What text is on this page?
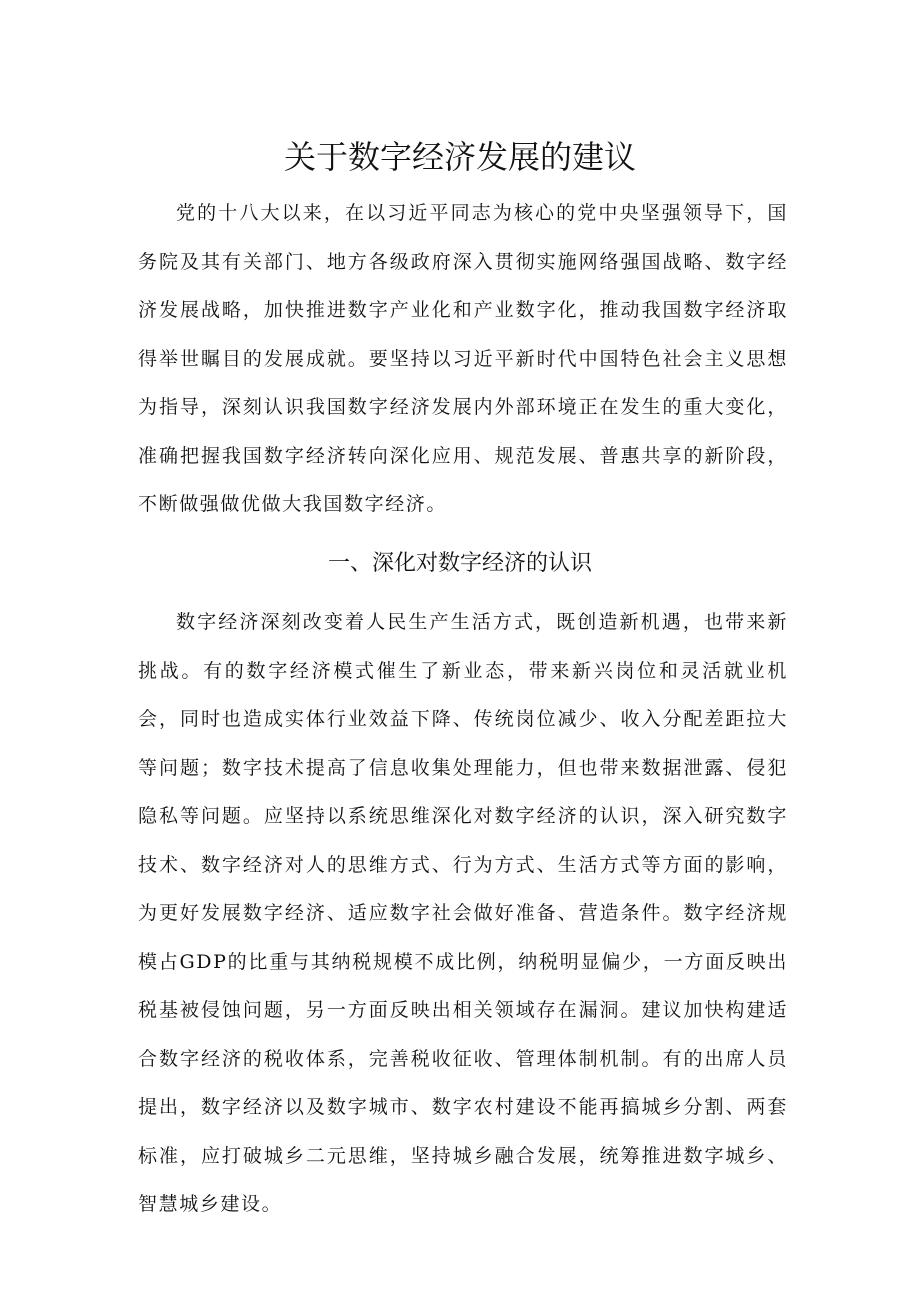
关于数字经济发展的建议

党的十八大以来，在以习近平同志为核心的党中央坚强领导下，国务院及其有关部门、地方各级政府深入贯彻实施网络强国战略、数字经济发展战略，加快推进数字产业化和产业数字化，推动我国数字经济取得举世瞩目的发展成就。要坚持以习近平新时代中国特色社会主义思想为指导，深刻认识我国数字经济发展内外部环境正在发生的重大变化，准确把握我国数字经济转向深化应用、规范发展、普惠共享的新阶段，不断做强做优做大我国数字经济。

一、深化对数字经济的认识

数字经济深刻改变着人民生产生活方式，既创造新机遇，也带来新挑战。有的数字经济模式催生了新业态，带来新兴岗位和灵活就业机会，同时也造成实体行业效益下降、传统岗位减少、收入分配差距拉大等问题；数字技术提高了信息收集处理能力，但也带来数据泄露、侵犯隐私等问题。应坚持以系统思维深化对数字经济的认识，深入研究数字技术、数字经济对人的思维方式、行为方式、生活方式等方面的影响，为更好发展数字经济、适应数字社会做好准备、营造条件。数字经济规模占GDP的比重与其纳税规模不成比例，纳税明显偏少，一方面反映出税基被侵蚀问题，另一方面反映出相关领域存在漏洞。建议加快构建适合数字经济的税收体系，完善税收征收、管理体制机制。有的出席人员提出，数字经济以及数字城市、数字农村建设不能再搞城乡分割、两套标准，应打破城乡二元思维，坚持城乡融合发展，统筹推进数字城乡、智慧城乡建设。
